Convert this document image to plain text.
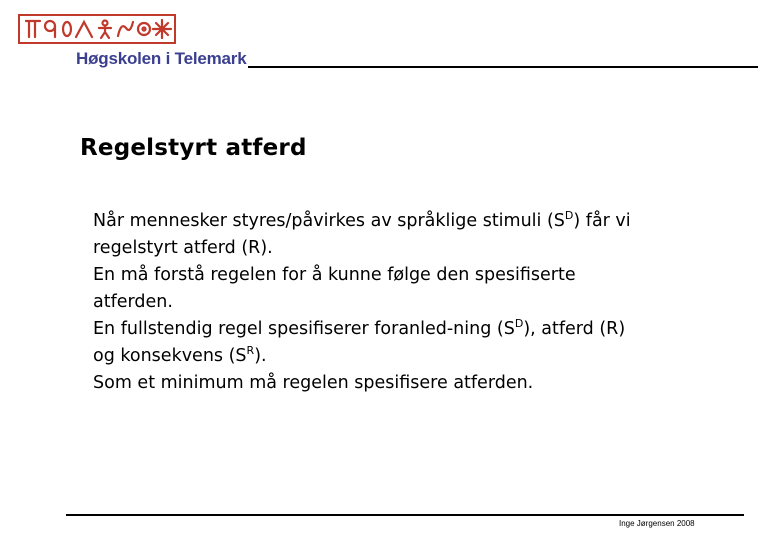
Høgskolen i Telemark
Regelstyrt atferd
Når mennesker styres/påvirkes av språklige stimuli $(S^D)$ får vi
regelstyrt atferd (R).
En må forstå regelen for å kunne følge den spesifiserte
atferden.
En fullstendig regel spesifiserer foranled-ning $(S^D)$, atferd (R)
og konsekvens $(S^R)$.
Som et minimum må regelen spesifisere atferden.
Inge Jørgensen 2008
